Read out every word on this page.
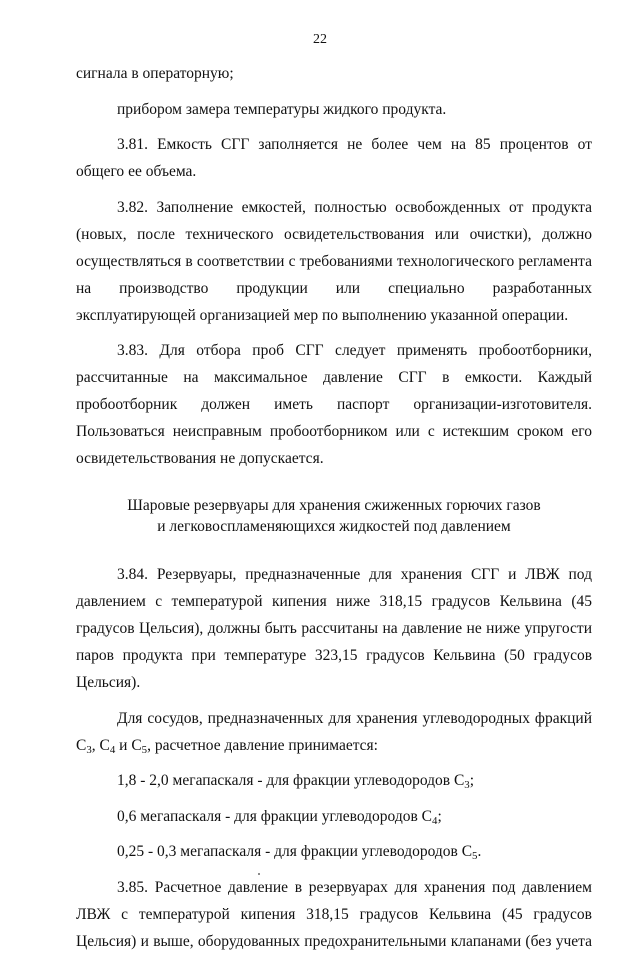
22

сигнала в операторную;

прибором замера температуры жидкого продукта.

3.81. Емкость СГГ заполняется не более чем на 85 процентов от общего ее объема.

3.82. Заполнение емкостей, полностью освобожденных от продукта (новых, после технического освидетельствования или очистки), должно осуществляться в соответствии с требованиями технологического регламента на производство продукции или специально разработанных эксплуатирующей организацией мер по выполнению указанной операции.

3.83. Для отбора проб СГГ следует применять пробоотборники, рассчитанные на максимальное давление СГГ в емкости. Каждый пробоотборник должен иметь паспорт организации-изготовителя. Пользоваться неисправным пробоотборником или с истекшим сроком его освидетельствования не допускается.

Шаровые резервуары для хранения сжиженных горючих газов
и легковоспламеняющихся жидкостей под давлением

3.84. Резервуары, предназначенные для хранения СГГ и ЛВЖ под давлением с температурой кипения ниже 318,15 градусов Кельвина (45 градусов Цельсия), должны быть рассчитаны на давление не ниже упругости паров продукта при температуре 323,15 градусов Кельвина (50 градусов Цельсия).

Для сосудов, предназначенных для хранения углеводородных фракций $C_3$, $C_4$ и $C_5$, расчетное давление принимается:

1,8 - 2,0 мегапаскаля - для фракции углеводородов $C_3$;

0,6 мегапаскаля - для фракции углеводородов $C_4$;

0,25 - 0,3 мегапаскаля - для фракции углеводородов $C_5$.

3.85. Расчетное давление в резервуарах для хранения под давлением ЛВЖ с температурой кипения 318,15 градусов Кельвина (45 градусов Цельсия) и выше, оборудованных предохранительными клапанами (без учета
